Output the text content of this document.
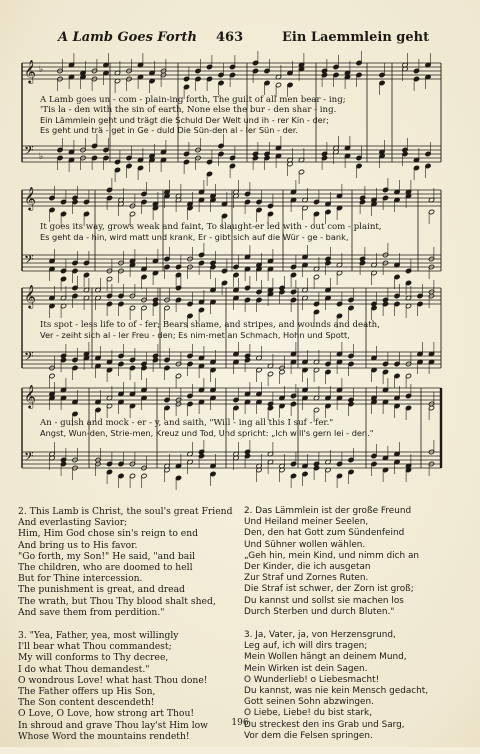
A Lamb Goes Forth 463	Ein Laemmlein geht
𝄞 ♭
𝄢 ♭
𝄞
𝄢
𝄞
𝄢
𝄞
𝄢
A Lamb goes un - com - plain-ing forth, The guilt of all men bear - ing;
'Tis la - den with the sin of earth, None else the bur - den shar - ing.
Ein Lämmlein geht und trägt die Schuld Der Welt und ih - rer Kin - der;
Es geht und trä - get in Ge - duld Die Sün-den al - ler Sün - der.
It goes its way, grows weak and faint, To slaught-er led with - out com - plaint,
Es geht da - hin, wird matt und krank, Er - gibt sich auf die Wür - ge - bank,
Its spot - less life to of - fer; Bears shame, and stripes, and wounds and death,
Ver - zeiht sich al - ler Freu - den; Es nim-met an Schmach, Hohn und Spott,
An - guish and mock - er - y, and saith, "Will - ing all this I suf - fer."
Angst, Wun-den, Strie-men, Kreuz und Tod, Und spricht: „Ich will's gern lei - den."
2. This Lamb is Christ, the soul's great Friend
And everlasting Savior;
Him, Him God chose sin's reign to end
And bring us to His favor.
"Go forth, my Son!" He said, "and bail
The children, who are doomed to hell
But for Thine intercession.
The punishment is great, and dread
The wrath, but Thou Thy blood shalt shed,
And save them from perdition."
3. "Yea, Father, yea, most willingly
I'll bear what Thou commandest;
My will conforms to Thy decree,
I do what Thou demandest."
O wondrous Love! what hast Thou done!
The Father offers up His Son,
The Son content descendeth!
O Love, O Love, how strong art Thou!
In shroud and grave Thou lay'st Him low
Whose Word the mountains rendeth!
2. Das Lämmlein ist der große Freund
Und Heiland meiner Seelen,
Den, den hat Gott zum Sündenfeind
Und Sühner wollen wählen.
„Geh hin, mein Kind, und nimm dich an
Der Kinder, die ich ausgetan
Zur Straf und Zornes Ruten.
Die Straf ist schwer, der Zorn ist groß;
Du kannst und sollst sie machen los
Durch Sterben und durch Bluten."
3. Ja, Vater, ja, von Herzensgrund,
Leg auf, ich will dirs tragen;
Mein Wollen hängt an deinem Mund,
Mein Wirken ist dein Sagen.
O Wunderlieb! o Liebesmacht!
Du kannst, was nie kein Mensch gedacht,
Gott seinen Sohn abzwingen.
O Liebe, Liebe! du bist stark,
Du streckest den ins Grab und Sarg,
Vor dem die Felsen springen.
196
